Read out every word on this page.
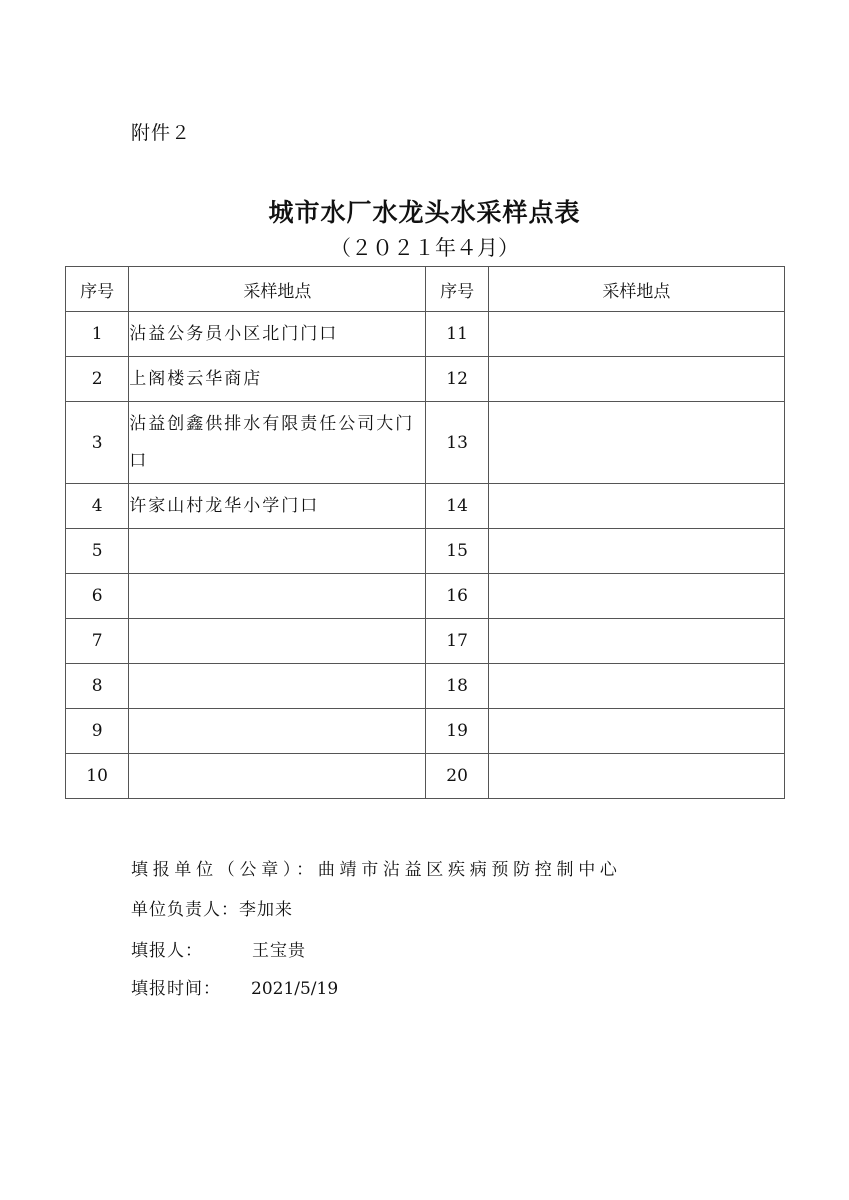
附件２
城市水厂水龙头水采样点表
（２０２１年４月）
序号	采样地点	序号	采样地点
1	沾益公务员小区北门门口	11	
2	上阁楼云华商店	12	
3	沾益创鑫供排水有限责任公司大门口	13	
4	许家山村龙华小学门口	14	
5		15	
6		16	
7		17	
8		18	
9		19	
10		20	
填报单位（公章）：曲靖市沾益区疾病预防控制中心
单位负责人：李加来
填报人：	王宝贵
填报时间： 2021/5/19
